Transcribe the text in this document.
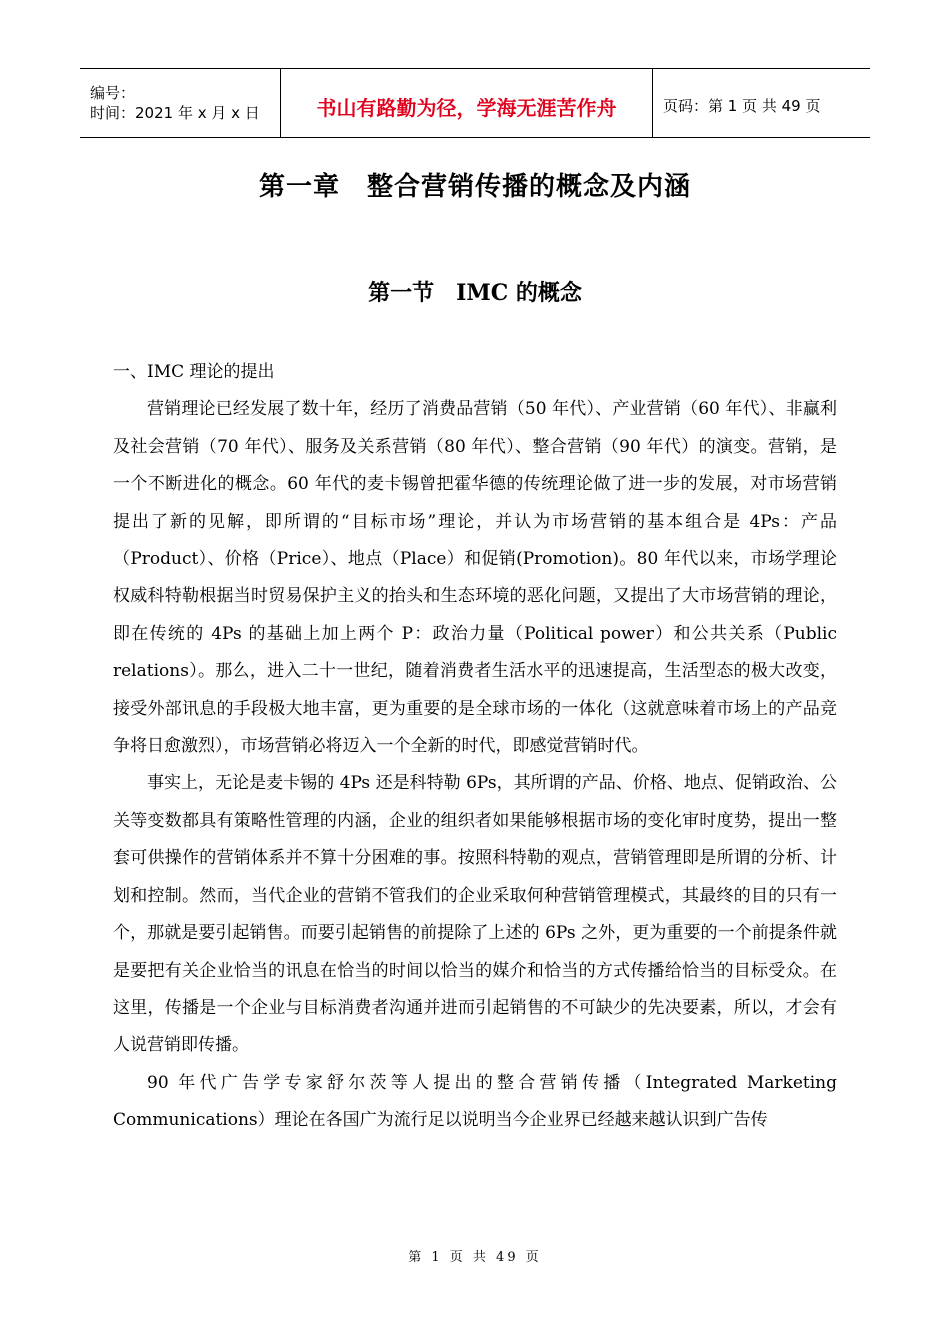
编号：
时间：2021 年 x 月 x 日	书山有路勤为径，学海无涯苦作舟	页码：第 1 页 共 49 页
第一章　整合营销传播的概念及内涵
第一节　IMC 的概念

一、IMC 理论的提出

营销理论已经发展了数十年，经历了消费品营销（50 年代）、产业营销（60 年代）、非赢利及社会营销（70 年代）、服务及关系营销（80 年代）、整合营销（90 年代）的演变。营销，是一个不断进化的概念。60 年代的麦卡锡曾把霍华德的传统理论做了进一步的发展，对市场营销提出了新的见解，即所谓的“目标市场”理论，并认为市场营销的基本组合是 4Ps：产品（Product）、价格（Price）、地点（Place）和促销(Promotion)。80 年代以来，市场学理论权威科特勒根据当时贸易保护主义的抬头和生态环境的恶化问题，又提出了大市场营销的理论，即在传统的 4Ps 的基础上加上两个 P：政治力量（Political power）和公共关系（Public relations）。那么，进入二十一世纪，随着消费者生活水平的迅速提高，生活型态的极大改变，接受外部讯息的手段极大地丰富，更为重要的是全球市场的一体化（这就意味着市场上的产品竞争将日愈激烈），市场营销必将迈入一个全新的时代，即感觉营销时代。

事实上，无论是麦卡锡的 4Ps 还是科特勒 6Ps，其所谓的产品、价格、地点、促销政治、公关等变数都具有策略性管理的内涵，企业的组织者如果能够根据市场的变化审时度势，提出一整套可供操作的营销体系并不算十分困难的事。按照科特勒的观点，营销管理即是所谓的分析、计划和控制。然而，当代企业的营销不管我们的企业采取何种营销管理模式，其最终的目的只有一个，那就是要引起销售。而要引起销售的前提除了上述的 6Ps 之外，更为重要的一个前提条件就是要把有关企业恰当的讯息在恰当的时间以恰当的媒介和恰当的方式传播给恰当的目标受众。在这里，传播是一个企业与目标消费者沟通并进而引起销售的不可缺少的先决要素，所以，才会有人说营销即传播。

90 年代广告学专家舒尔茨等人提出的整合营销传播（Integrated Marketing Communications）理论在各国广为流行足以说明当今企业界已经越来越认识到广告传

第 1 页 共 49 页
